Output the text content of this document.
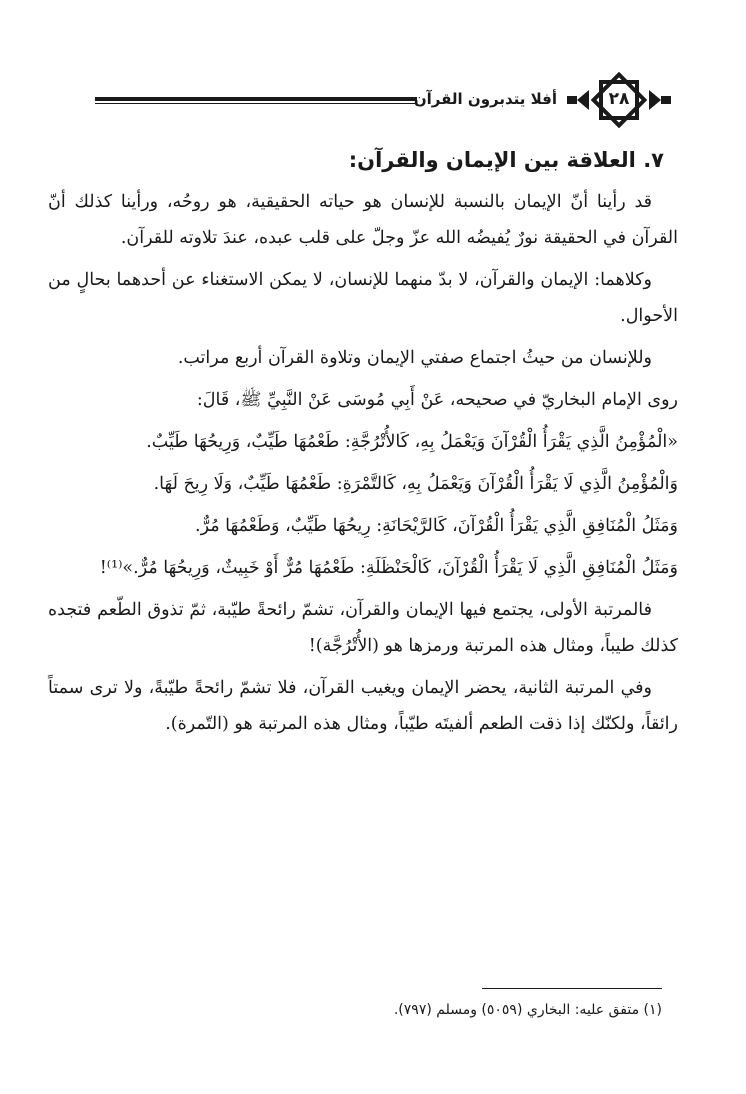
أفلا يتدبرون القرآن	٢٨
٧. العلاقة بين الإيمان والقرآن:

قد رأينا أنّ الإيمان بالنسبة للإنسان هو حياته الحقيقية، هو روحُه، ورأينا كذلك أنّ القرآن في الحقيقة نورٌ يُفيضُه الله عزّ وجلّ على قلب عبده، عندَ تلاوته للقرآن.

وكلاهما: الإيمان والقرآن، لا بدّ منهما للإنسان، لا يمكن الاستغناء عن أحدهما بحالٍ من الأحوال.

وللإنسان من حيثُ اجتماع صفتي الإيمان وتلاوة القرآن أربع مراتب.

روى الإمام البخاريّ في صحيحه، عَنْ أَبِي مُوسَى عَنْ النَّبِيِّ ﷺ، قَالَ:

«الْمُؤْمِنُ الَّذِي يَقْرَأُ الْقُرْآنَ وَيَعْمَلُ بِهِ، كَالأُتْرُجَّةِ: طَعْمُهَا طَيِّبٌ، وَرِيحُهَا طَيِّبٌ.

وَالْمُؤْمِنُ الَّذِي لَا يَقْرَأُ الْقُرْآنَ وَيَعْمَلُ بِهِ، كَالتَّمْرَةِ: طَعْمُهَا طَيِّبٌ، وَلَا رِيحَ لَهَا.

وَمَثَلُ الْمُنَافِقِ الَّذِي يَقْرَأُ الْقُرْآنَ، كَالرَّيْحَانَةِ: رِيحُهَا طَيِّبٌ، وَطَعْمُهَا مُرٌّ.

وَمَثَلُ الْمُنَافِقِ الَّذِي لَا يَقْرَأُ الْقُرْآنَ، كَالْحَنْظَلَةِ: طَعْمُهَا مُرٌّ أَوْ خَبِيثٌ، وَرِيحُهَا مُرٌّ.»⁽¹⁾!

فالمرتبة الأولى، يجتمع فيها الإيمان والقرآن، تشمّ رائحةً طيّبة، ثمّ تذوق الطّعم فتجده كذلك طيباً، ومثال هذه المرتبة ورمزها هو (الأُتْرُجَّة)!

وفي المرتبة الثانية، يحضر الإيمان ويغيب القرآن، فلا تشمّ رائحةً طيّبةً، ولا ترى سمتاً رائقاً، ولكنّك إذا ذقت الطعم ألفيتَه طيّباً، ومثال هذه المرتبة هو (التّمرة).

(١) متفق عليه: البخاري (٥٠٥٩) ومسلم (٧٩٧).
